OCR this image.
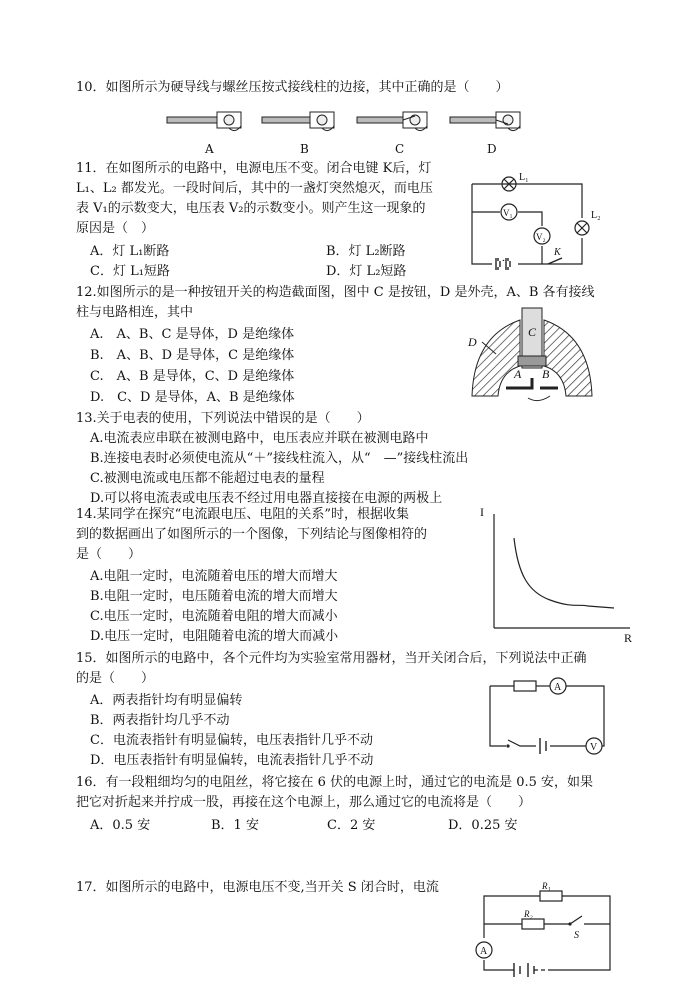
10．如图所示为硬导线与螺丝压按式接线柱的边接，其中正确的是（　　）
A	B	C	D
11．在如图所示的电路中，电源电压不变。闭合电键 K后，灯
L₁、L₂ 都发光。一段时间后，其中的一盏灯突然熄灭，而电压
表 V₁的示数变大，电压表 V₂的示数变小。则产生这一现象的
原因是（　）
A．灯 L₁断路	B．灯 L₂断路
C．灯 L₁短路	D．灯 L₂短路
L₁
L₂
V₁
V₂
K
12.如图所示的是一种按钮开关的构造截面图，图中 C 是按钮，D 是外壳，A、B 各有接线
柱与电路相连，其中
A.　A、B、C 是导体，D 是绝缘体
B.　A、B、D 是导体，C 是绝缘体
C.　A、B 是导体，C、D 是绝缘体
D.　C、D 是导体，A、B 是绝缘体
D
C
A B
13.关于电表的使用，下列说法中错误的是（　　）
A.电流表应串联在被测电路中，电压表应并联在被测电路中
B.连接电表时必须使电流从“＋”接线柱流入，从“　—”接线柱流出
C.被测电流或电压都不能超过电表的量程
D.可以将电流表或电压表不经过用电器直接接在电源的两极上
14.某同学在探究“电流跟电压、电阻的关系”时，根据收集
到的数据画出了如图所示的一个图像，下列结论与图像相符的
是（　　）
A.电阻一定时，电流随着电压的增大而增大
B.电阻一定时，电压随着电流的增大而增大
C.电压一定时，电流随着电阻的增大而减小
D.电压一定时，电阻随着电流的增大而减小
I
R
15．如图所示的电路中，各个元件均为实验室常用器材，当开关闭合后，下列说法中正确
的是（　　）
A．两表指针均有明显偏转
B．两表指针均几乎不动
C．电流表指针有明显偏转，电压表指针几乎不动
D．电压表指针有明显偏转，电流表指针几乎不动
A
V
16．有一段粗细均匀的电阻丝，将它接在 6 伏的电源上时，通过它的电流是 0.5 安，如果
把它对折起来并拧成一股，再接在这个电源上，那么通过它的电流将是（　　）
A．0.5 安	B．1 安	C．2 安	D．0.25 安
17．如图所示的电路中，电源电压不变,当开关 S 闭合时，电流	R₁
R₂
S
A
